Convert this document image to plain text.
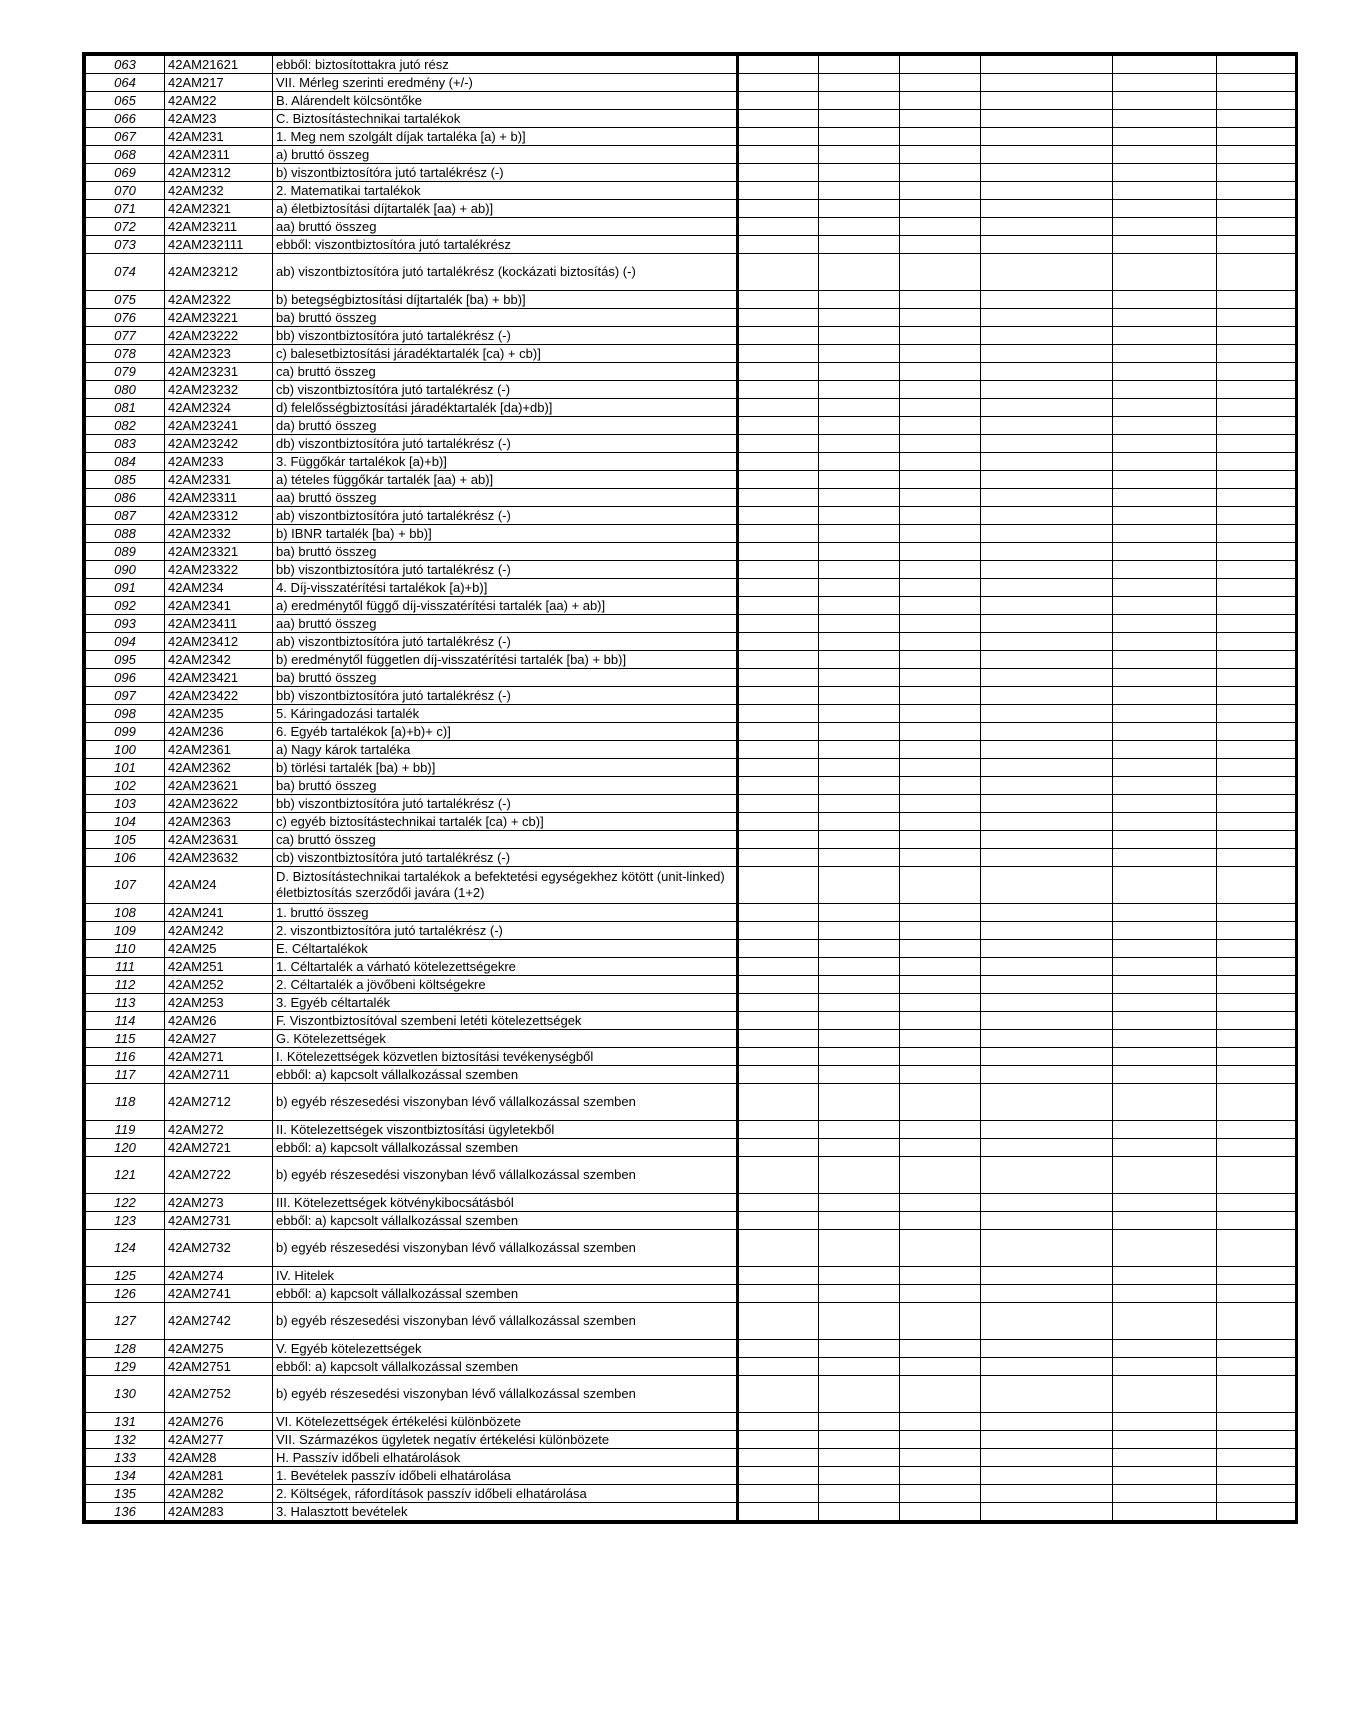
063	42AM21621	ebből: biztosítottakra jutó rész						
064	42AM217	VII. Mérleg szerinti eredmény (+/-)						
065	42AM22	B. Alárendelt kölcsöntőke						
066	42AM23	C. Biztosítástechnikai tartalékok						
067	42AM231	1. Meg nem szolgált díjak tartaléka [a) + b)]						
068	42AM2311	a) bruttó összeg						
069	42AM2312	b) viszontbiztosítóra jutó tartalékrész (-)						
070	42AM232	2. Matematikai tartalékok						
071	42AM2321	a) életbiztosítási díjtartalék [aa) + ab)]						
072	42AM23211	aa) bruttó összeg						
073	42AM232111	ebből: viszontbiztosítóra jutó tartalékrész						
074	42AM23212	ab) viszontbiztosítóra jutó tartalékrész (kockázati biztosítás) (-)						
075	42AM2322	b) betegségbiztosítási díjtartalék [ba) + bb)]						
076	42AM23221	ba) bruttó összeg						
077	42AM23222	bb) viszontbiztosítóra jutó tartalékrész (-)						
078	42AM2323	c) balesetbiztosítási járadéktartalék [ca) + cb)]						
079	42AM23231	ca) bruttó összeg						
080	42AM23232	cb) viszontbiztosítóra jutó tartalékrész (-)						
081	42AM2324	d) felelősségbiztosítási járadéktartalék [da)+db)]						
082	42AM23241	da) bruttó összeg						
083	42AM23242	db) viszontbiztosítóra jutó tartalékrész (-)						
084	42AM233	3. Függőkár tartalékok [a)+b)]						
085	42AM2331	a) tételes függőkár tartalék [aa) + ab)]						
086	42AM23311	aa) bruttó összeg						
087	42AM23312	ab) viszontbiztosítóra jutó tartalékrész (-)						
088	42AM2332	b) IBNR tartalék [ba) + bb)]						
089	42AM23321	ba) bruttó összeg						
090	42AM23322	bb) viszontbiztosítóra jutó tartalékrész (-)						
091	42AM234	4. Díj-visszatérítési tartalékok [a)+b)]						
092	42AM2341	a) eredménytől függő díj-visszatérítési tartalék [aa) + ab)]						
093	42AM23411	aa) bruttó összeg						
094	42AM23412	ab) viszontbiztosítóra jutó tartalékrész (-)						
095	42AM2342	b) eredménytől független díj-visszatérítési tartalék [ba) + bb)]						
096	42AM23421	ba) bruttó összeg						
097	42AM23422	bb) viszontbiztosítóra jutó tartalékrész (-)						
098	42AM235	5. Káringadozási tartalék						
099	42AM236	6. Egyéb tartalékok [a)+b)+ c)]						
100	42AM2361	a) Nagy károk tartaléka						
101	42AM2362	b) törlési tartalék [ba) + bb)]						
102	42AM23621	ba) bruttó összeg						
103	42AM23622	bb) viszontbiztosítóra jutó tartalékrész (-)						
104	42AM2363	c) egyéb biztosítástechnikai tartalék [ca) + cb)]						
105	42AM23631	ca) bruttó összeg						
106	42AM23632	cb) viszontbiztosítóra jutó tartalékrész (-)						
107	42AM24	D. Biztosítástechnikai tartalékok a befektetési egységekhez kötött (unit-linked) életbiztosítás szerződői javára (1+2)						
108	42AM241	1. bruttó összeg						
109	42AM242	2. viszontbiztosítóra jutó tartalékrész (-)						
110	42AM25	E. Céltartalékok						
111	42AM251	1. Céltartalék a várható kötelezettségekre						
112	42AM252	2. Céltartalék a jövőbeni költségekre						
113	42AM253	3. Egyéb céltartalék						
114	42AM26	F. Viszontbiztosítóval szembeni letéti kötelezettségek						
115	42AM27	G. Kötelezettségek						
116	42AM271	I. Kötelezettségek közvetlen biztosítási tevékenységből						
117	42AM2711	ebből: a) kapcsolt vállalkozással szemben						
118	42AM2712	b) egyéb részesedési viszonyban lévő vállalkozással szemben						
119	42AM272	II. Kötelezettségek viszontbiztosítási ügyletekből						
120	42AM2721	ebből: a) kapcsolt vállalkozással szemben						
121	42AM2722	b) egyéb részesedési viszonyban lévő vállalkozással szemben						
122	42AM273	III. Kötelezettségek kötvénykibocsátásból						
123	42AM2731	ebből: a) kapcsolt vállalkozással szemben						
124	42AM2732	b) egyéb részesedési viszonyban lévő vállalkozással szemben						
125	42AM274	IV. Hitelek						
126	42AM2741	ebből: a) kapcsolt vállalkozással szemben						
127	42AM2742	b) egyéb részesedési viszonyban lévő vállalkozással szemben						
128	42AM275	V. Egyéb kötelezettségek						
129	42AM2751	ebből: a) kapcsolt vállalkozással szemben						
130	42AM2752	b) egyéb részesedési viszonyban lévő vállalkozással szemben						
131	42AM276	VI. Kötelezettségek értékelési különbözete						
132	42AM277	VII. Származékos ügyletek negatív értékelési különbözete						
133	42AM28	H. Passzív időbeli elhatárolások						
134	42AM281	1. Bevételek passzív időbeli elhatárolása						
135	42AM282	2. Költségek, ráfordítások passzív időbeli elhatárolása						
136	42AM283	3. Halasztott bevételek						
